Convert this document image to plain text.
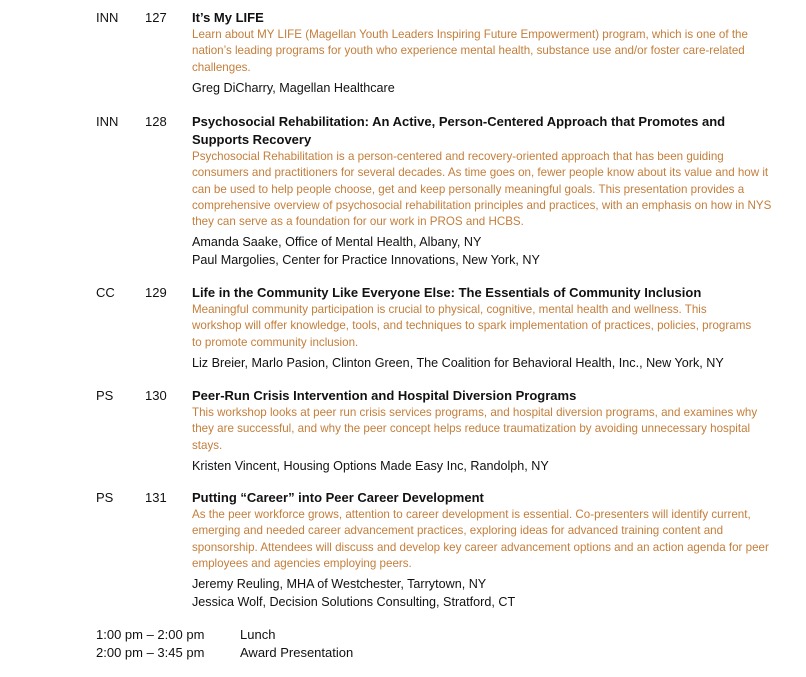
INN 127 It’s My LIFE

Learn about MY LIFE (Magellan Youth Leaders Inspiring Future Empowerment) program, which is one of the nation’s leading programs for youth who experience mental health, substance use and/or foster care-related challenges.

Greg DiCharry, Magellan Healthcare

INN 128 Psychosocial Rehabilitation: An Active, Person-Centered Approach that Promotes and Supports Recovery

Psychosocial Rehabilitation is a person-centered and recovery-oriented approach that has been guiding consumers and practitioners for several decades. As time goes on, fewer people know about its value and how it can be used to help people choose, get and keep personally meaningful goals. This presentation provides a comprehensive overview of psychosocial rehabilitation principles and practices, with an emphasis on how in NYS they can serve as a foundation for our work in PROS and HCBS.

Amanda Saake, Office of Mental Health, Albany, NY

Paul Margolies, Center for Practice Innovations, New York, NY

CC 129 Life in the Community Like Everyone Else: The Essentials of Community Inclusion

Meaningful community participation is crucial to physical, cognitive, mental health and wellness. This workshop will offer knowledge, tools, and techniques to spark implementation of practices, policies, programs to promote community inclusion.

Liz Breier, Marlo Pasion, Clinton Green, The Coalition for Behavioral Health, Inc., New York, NY

PS 130 Peer-Run Crisis Intervention and Hospital Diversion Programs

This workshop looks at peer run crisis services programs, and hospital diversion programs, and examines why they are successful, and why the peer concept helps reduce traumatization by avoiding unnecessary hospital stays.

Kristen Vincent, Housing Options Made Easy Inc, Randolph, NY

PS 131 Putting “Career” into Peer Career Development

As the peer workforce grows, attention to career development is essential. Co-presenters will identify current, emerging and needed career advancement practices, exploring ideas for advanced training content and sponsorship. Attendees will discuss and develop key career advancement options and an action agenda for peer employees and agencies employing peers.

Jeremy Reuling, MHA of Westchester, Tarrytown, NY

Jessica Wolf, Decision Solutions Consulting, Stratford, CT

1:00 pm – 2:00 pm	Lunch
2:00 pm – 3:45 pm	Award Presentation
